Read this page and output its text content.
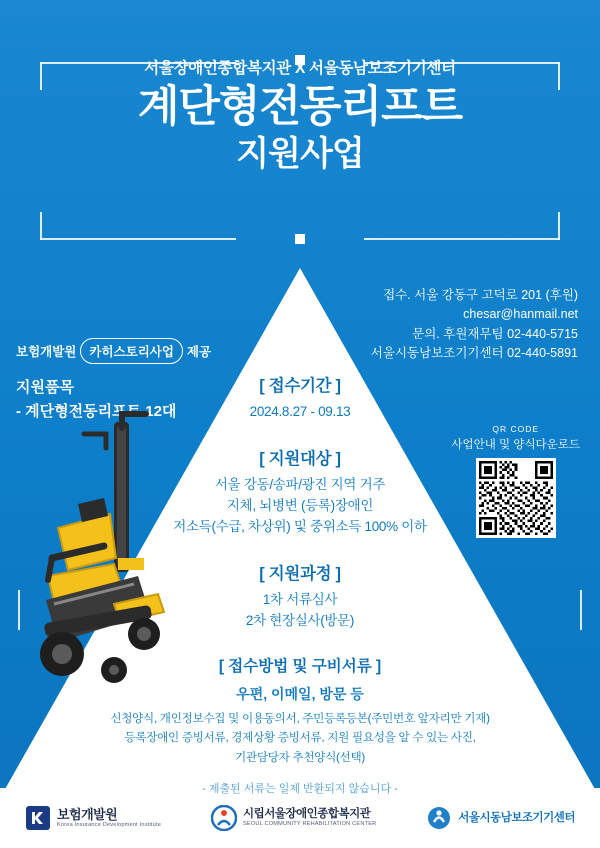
서울장애인종합복지관 X 서울동남보조기기센터

계단형전동리프트
지원사업
접수. 서울 강동구 고덕로 201 (후원)
chesar@hanmail.net
문의. 후원재무팀 02-440-5715
서울시동남보조기기센터 02-440-5891
보험개발원	카히스토리사업	제공
지원품목
- 계단형전동리프트 12대
QR CODE
사업안내 및 양식다운로드

[ 접수기간 ]

2024.8.27 - 09.13

[ 지원대상 ]

서울 강동/송파/광진 지역 거주

지체, 뇌병변 (등록)장애인

저소득(수급, 차상위) 및 중위소득 100% 이하

[ 지원과정 ]

1차 서류심사

2차 현장실사(방문)

[ 접수방법 및 구비서류 ]

우편, 이메일, 방문 등

신청양식, 개인정보수집 및 이용동의서, 주민등록등본(주민번호 앞자리만 기재)

등록장애인 증빙서류, 경제상황 증빙서류, 지원 필요성을 알 수 있는 사진,

기관담당자 추천양식(선택)

- 제출된 서류는 일제 반환되지 않습니다 -

보험개발원
Korea Insurance Development Institute
시립서울장애인종합복지관
SEOUL COMMUNITY REHABILITATION CENTER
서울시동남보조기기센터
